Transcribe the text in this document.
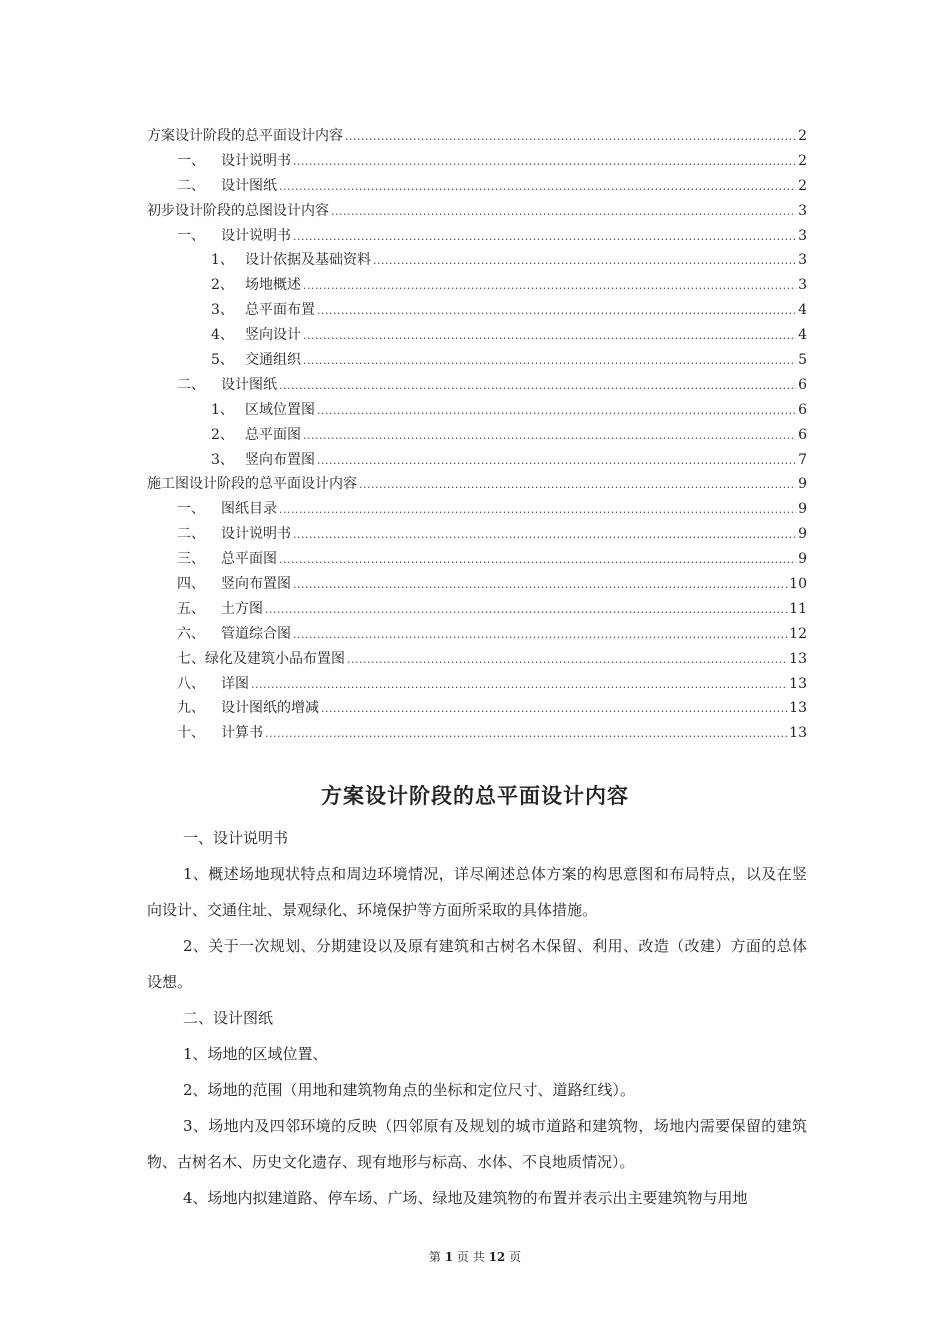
方案设计阶段的总平面设计内容 .....	2
一、	设计说明书 .....	2
二、	设计图纸 .....	2
初步设计阶段的总图设计内容 .....	3
一、	设计说明书 .....	3
1、 设计依据及基础资料 .....	3
2、 场地概述 .....	3
3、 总平面布置 .....	4
4、 竖向设计 .....	4
5、 交通组织 .....	5
二、	设计图纸 .....	6
1、 区域位置图 .....	6
2、 总平面图 .....	6
3、 竖向布置图 .....	7
施工图设计阶段的总平面设计内容 .....	9
一、	图纸目录 .....	9
二、	设计说明书 .....	9
三、	总平面图 .....	9
四、	竖向布置图 .....	10
五、	土方图 .....	11
六、	管道综合图 .....	12
七、绿化及建筑小品布置图 .....	13
八、	详图 .....	13
九、	设计图纸的增减 .....	13
十、	计算书 .....	13
方案设计阶段的总平面设计内容

一、设计说明书

1、概述场地现状特点和周边环境情况，详尽阐述总体方案的构思意图和布局特点，以及在竖向设计、交通住址、景观绿化、环境保护等方面所采取的具体措施。

2、关于一次规划、分期建设以及原有建筑和古树名木保留、利用、改造（改建）方面的总体设想。

二、设计图纸

1、场地的区域位置、

2、场地的范围（用地和建筑物角点的坐标和定位尺寸、道路红线）。

3、场地内及四邻环境的反映（四邻原有及规划的城市道路和建筑物，场地内需要保留的建筑物、古树名木、历史文化遗存、现有地形与标高、水体、不良地质情况）。

4、场地内拟建道路、停车场、广场、绿地及建筑物的布置并表示出主要建筑物与用地

第 1 页 共 12 页
